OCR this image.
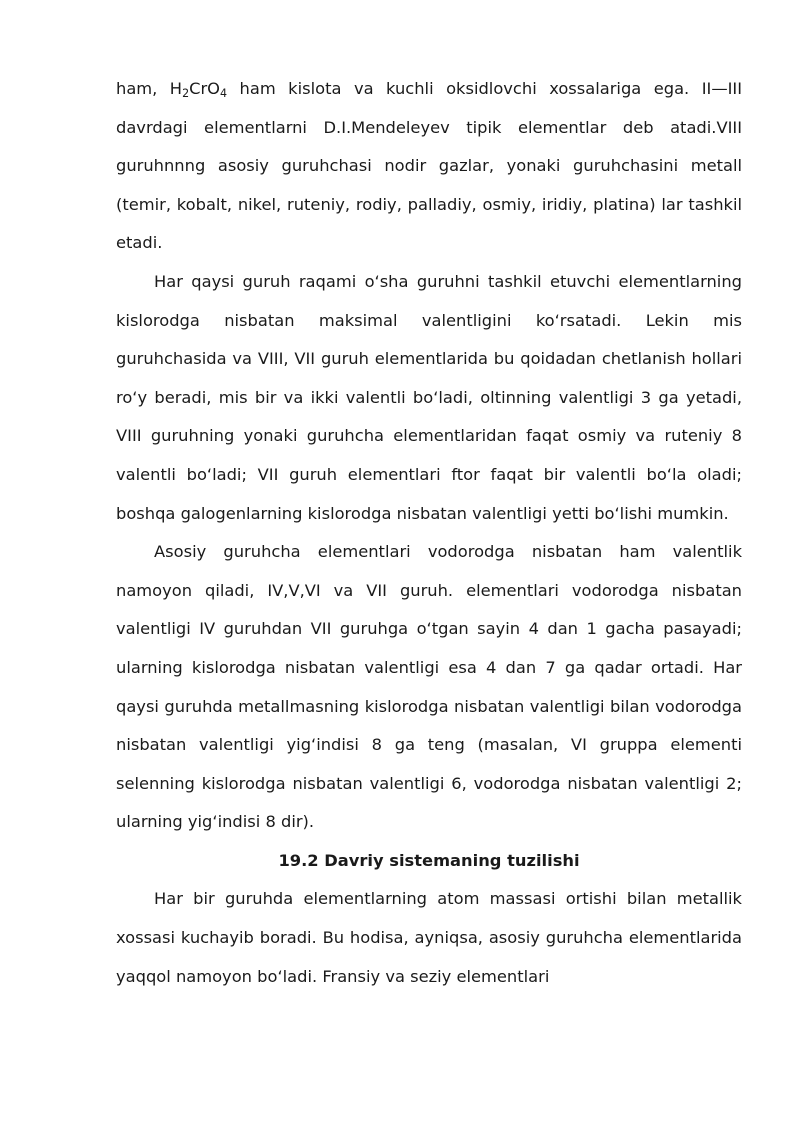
ham, $H_2CrO_4$ ham kislota va kuchli oksidlovchi xossalariga ega. II—III davrdagi elementlarni D.I.Mendeleyev tipik elementlar deb atadi.VIII guruhnnng asosiy guruhchasi nodir gazlar, yonaki guruhchasini metall (temir, kobalt, nikel, ruteniy, rodiy, palladiy, osmiy, iridiy, platina) lar tashkil etadi.

Har qaysi guruh raqami o‘sha guruhni tashkil etuvchi elementlarning kislorodga nisbatan maksimal valentligini ko‘rsatadi. Lekin mis guruhchasida va VIII, VII guruh elementlarida bu qoidadan chetlanish hollari ro‘y beradi, mis bir va ikki valentli bo‘ladi, oltinning valentligi 3 ga yetadi, VIII guruhning yonaki guruhcha elementlaridan faqat osmiy va ruteniy 8 valentli bo‘ladi; VII guruh elementlari ftor faqat bir valentli bo‘la oladi; boshqa galogenlarning kislorodga nisbatan valentligi yetti bo‘lishi mumkin.

Asosiy guruhcha elementlari vodorodga nisbatan ham valentlik namoyon qiladi, IV,V,VI va VII guruh. elementlari vodorodga nisbatan valentligi IV guruhdan VII guruhga o‘tgan sayin 4 dan 1 gacha pasayadi; ularning kislorodga nisbatan valentligi esa 4 dan 7 ga qadar ortadi. Har qaysi guruhda metallmasning kislorodga nisbatan valentligi bilan vodorodga nisbatan valentligi yig‘indisi 8 ga teng (masalan, VI gruppa elementi selenning kislorodga nisbatan valentligi 6, vodorodga nisbatan valentligi 2; ularning yig‘indisi 8 dir).

19.2 Davriy sistemaning tuzilishi

Har bir guruhda elementlarning atom massasi ortishi bilan metallik xossasi kuchayib boradi. Bu hodisa, ayniqsa, asosiy guruhcha elementlarida yaqqol namoyon bo‘ladi. Fransiy va seziy elementlari
